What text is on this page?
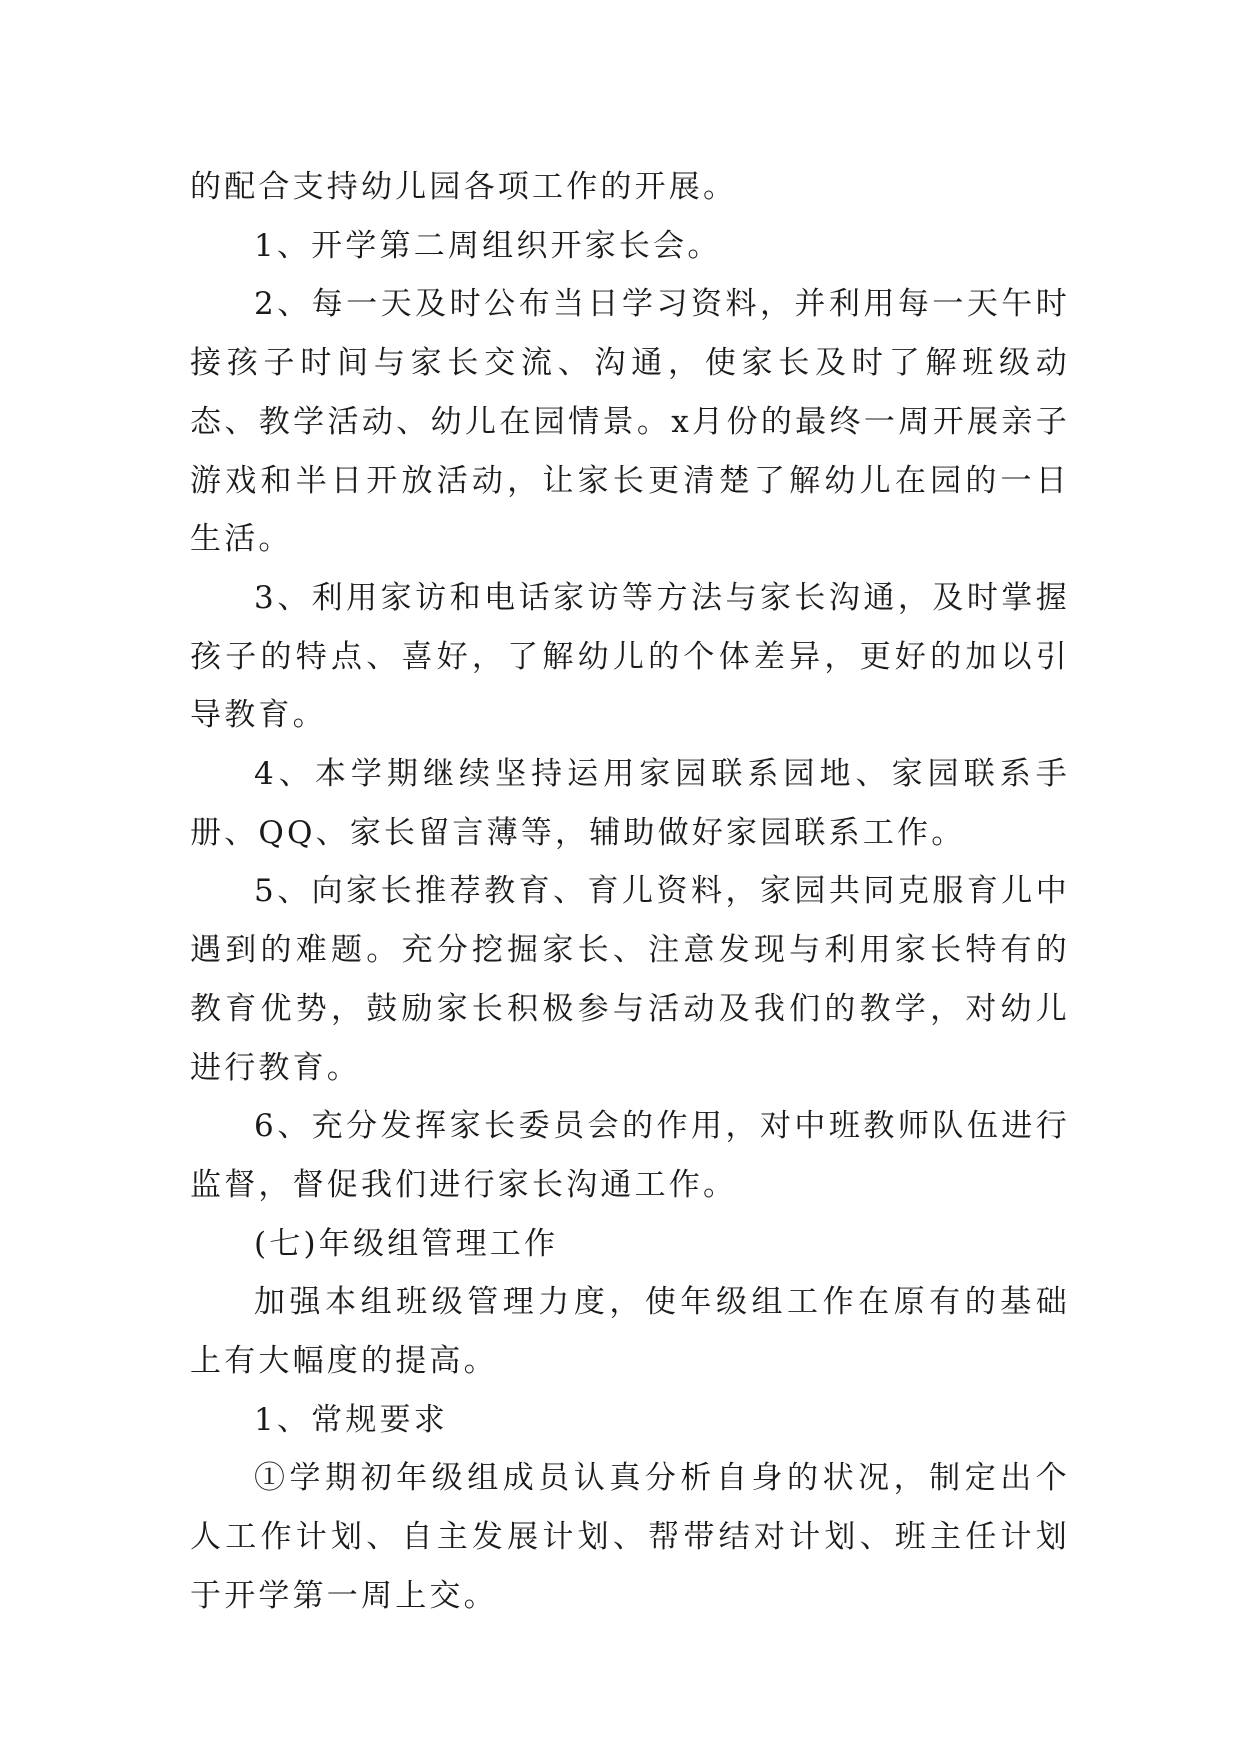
的配合支持幼儿园各项工作的开展。

1、开学第二周组织开家长会。

2、每一天及时公布当日学习资料，并利用每一天午时接孩子时间与家长交流、沟通，使家长及时了解班级动态、教学活动、幼儿在园情景。x月份的最终一周开展亲子游戏和半日开放活动，让家长更清楚了解幼儿在园的一日生活。

3、利用家访和电话家访等方法与家长沟通，及时掌握孩子的特点、喜好，了解幼儿的个体差异，更好的加以引导教育。

4、本学期继续坚持运用家园联系园地、家园联系手册、QQ、家长留言薄等，辅助做好家园联系工作。

5、向家长推荐教育、育儿资料，家园共同克服育儿中遇到的难题。充分挖掘家长、注意发现与利用家长特有的教育优势，鼓励家长积极参与活动及我们的教学，对幼儿进行教育。

6、充分发挥家长委员会的作用，对中班教师队伍进行监督，督促我们进行家长沟通工作。

(七)年级组管理工作

加强本组班级管理力度，使年级组工作在原有的基础上有大幅度的提高。

1、常规要求

①学期初年级组成员认真分析自身的状况，制定出个人工作计划、自主发展计划、帮带结对计划、班主任计划于开学第一周上交。
